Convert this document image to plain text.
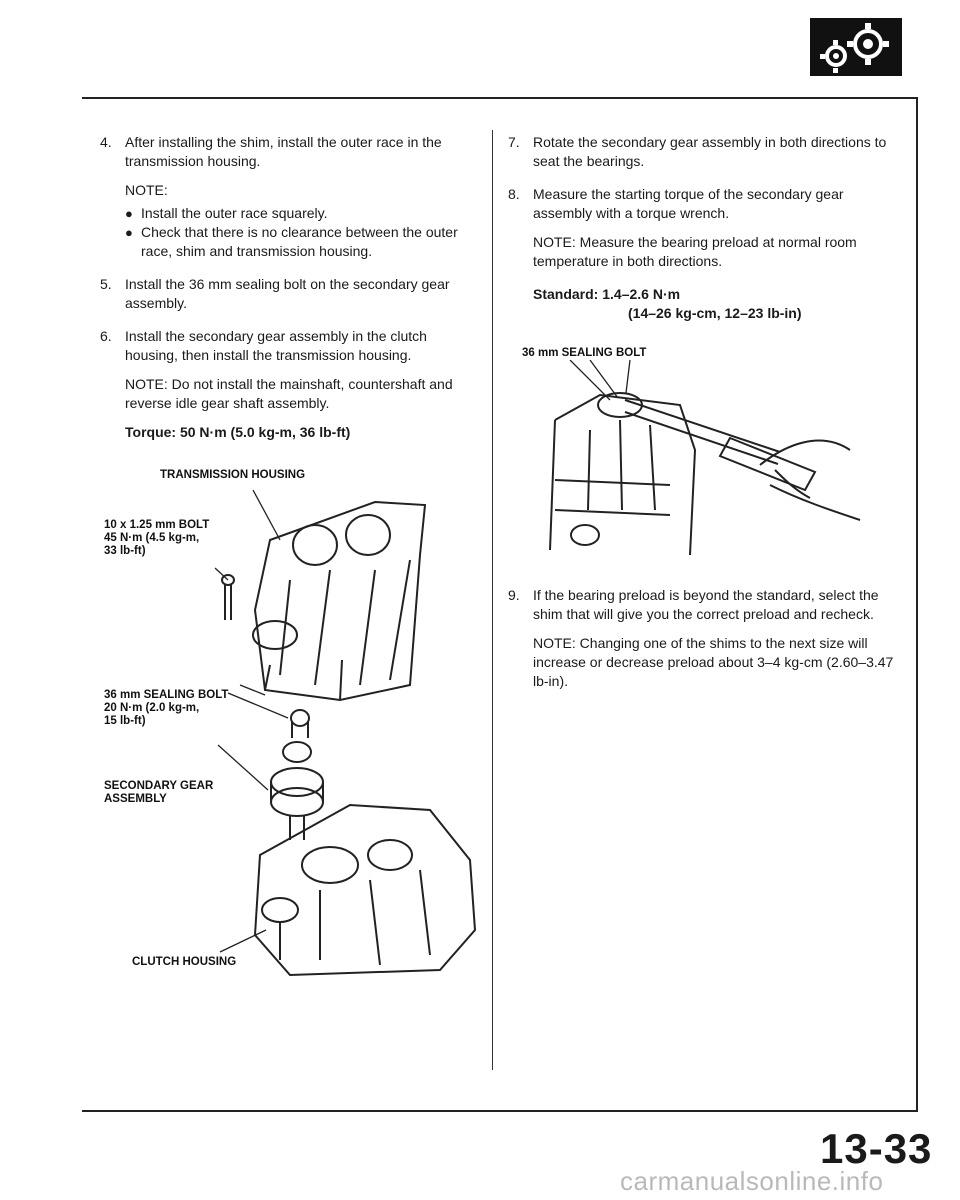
4. After installing the shim, install the outer race in the transmission housing.
NOTE:
● Install the outer race squarely.
● Check that there is no clearance between the outer race, shim and transmission housing.
5. Install the 36 mm sealing bolt on the secondary gear assembly.
6. Install the secondary gear assembly in the clutch housing, then install the transmission housing.
NOTE: Do not install the mainshaft, countershaft and reverse idle gear shaft assembly.
Torque: 50 N·m (5.0 kg-m, 36 lb-ft)
TRANSMISSION HOUSING
10 x 1.25 mm BOLT
45 N·m (4.5 kg-m,
33 lb-ft)
36 mm SEALING BOLT
20 N·m (2.0 kg-m,
15 lb-ft)
SECONDARY GEAR
ASSEMBLY
CLUTCH HOUSING
7. Rotate the secondary gear assembly in both directions to seat the bearings.
8. Measure the starting torque of the secondary gear assembly with a torque wrench.
NOTE: Measure the bearing preload at normal room temperature in both directions.
Standard: 1.4–2.6 N·m
(14–26 kg-cm, 12–23 lb-in)
36 mm SEALING BOLT
9. If the bearing preload is beyond the standard, select the shim that will give you the correct preload and recheck.
NOTE: Changing one of the shims to the next size will increase or decrease preload about 3–4 kg-cm (2.60–3.47 lb-in).
13-33
carmanualsonline.info
